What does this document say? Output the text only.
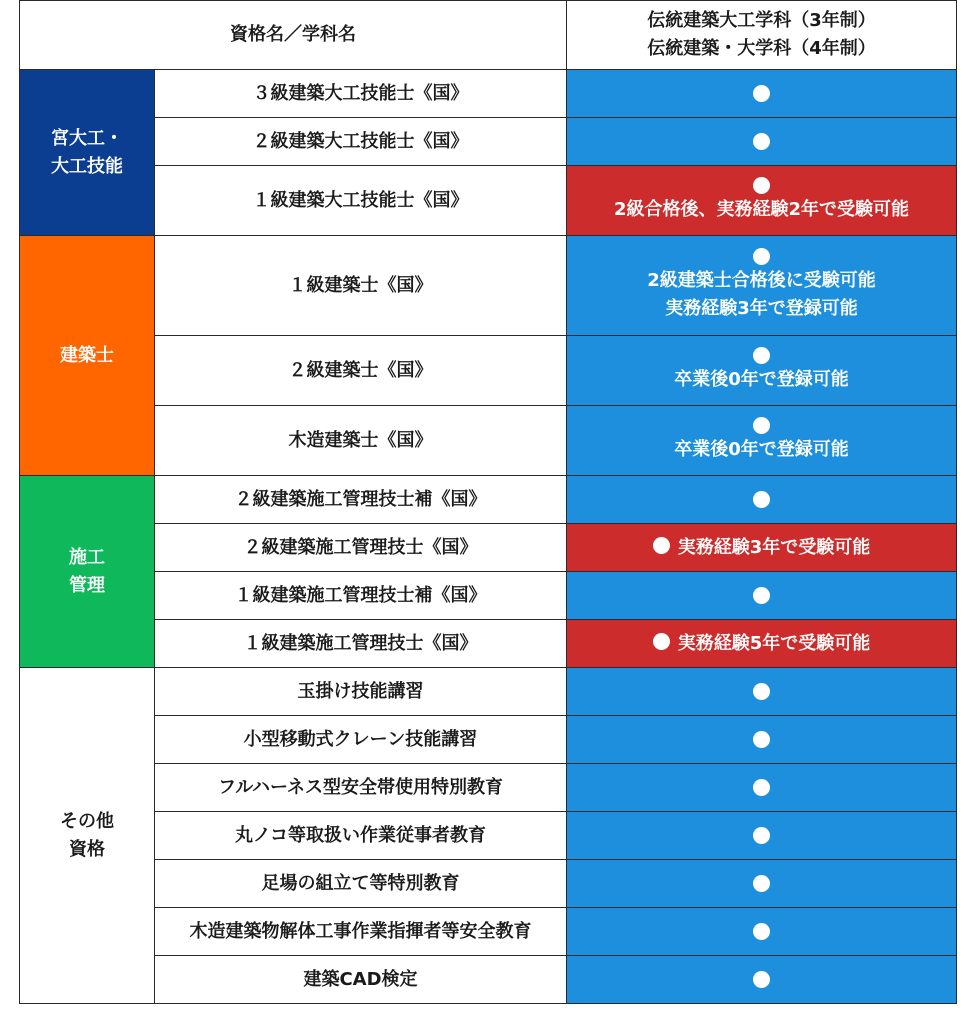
資格名／学科名		伝統建築大工学科（3年制）
伝統建築・大学科（4年制）

宮大工・
大工技能	３級建築大工技能士《国》	
	２級建築大工技能士《国》	
	１級建築大工技能士《国》	2級合格後、実務経験2年で受験可能

建築士	１級建築士《国》	2級建築士合格後に受験可能
実務経験3年で登録可能

	２級建築士《国》	卒業後0年で登録可能

	木造建築士《国》	卒業後0年で登録可能

施工
管理	２級建築施工管理技士補《国》	
	２級建築施工管理技士《国》	実務経験3年で受験可能
	１級建築施工管理技士補《国》	
	１級建築施工管理技士《国》	実務経験5年で受験可能

その他
資格	玉掛け技能講習	
	小型移動式クレーン技能講習	
	フルハーネス型安全帯使用特別教育	
	丸ノコ等取扱い作業従事者教育	
	足場の組立て等特別教育	
	木造建築物解体工事作業指揮者等安全教育	
	建築CAD検定	
